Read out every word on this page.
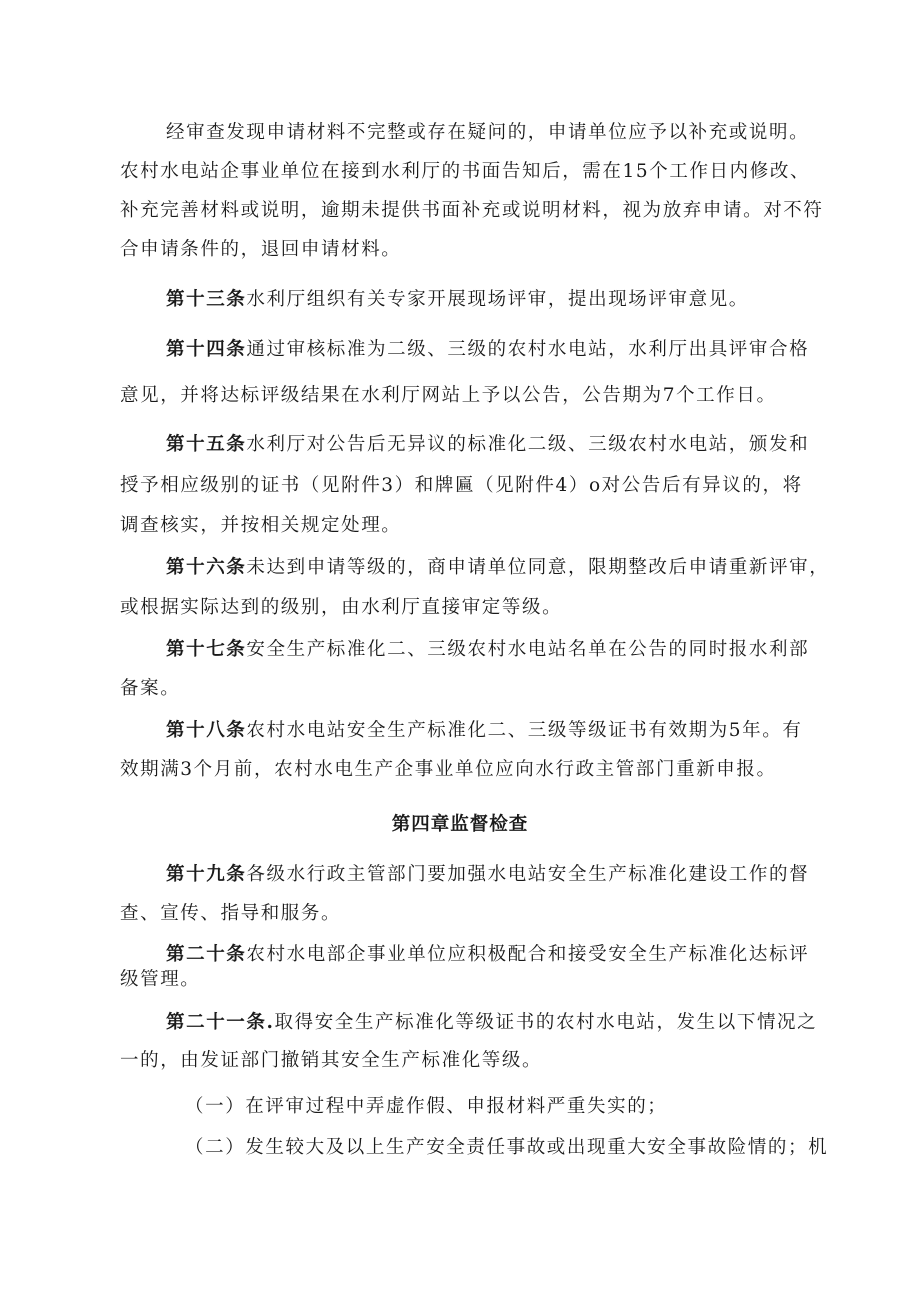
经审查发现申请材料不完整或存在疑问的，申请单位应予以补充或说明。
农村水电站企事业单位在接到水利厅的书面告知后，需在15个工作日内修改、
补充完善材料或说明，逾期未提供书面补充或说明材料，视为放弃申请。对不符
合申请条件的，退回申请材料。
第十三条水利厅组织有关专家开展现场评审，提出现场评审意见。
第十四条通过审核标准为二级、三级的农村水电站，水利厅出具评审合格
意见，并将达标评级结果在水利厅网站上予以公告，公告期为7个工作日。
第十五条水利厅对公告后无异议的标准化二级、三级农村水电站，颁发和
授予相应级别的证书（见附件3）和牌匾（见附件4）o对公告后有异议的，将
调查核实，并按相关规定处理。
第十六条未达到申请等级的，商申请单位同意，限期整改后申请重新评审，
或根据实际达到的级别，由水利厅直接审定等级。
第十七条安全生产标准化二、三级农村水电站名单在公告的同时报水利部
备案。
第十八条农村水电站安全生产标准化二、三级等级证书有效期为5年。有
效期满3个月前，农村水电生产企事业单位应向水行政主管部门重新申报。
第四章监督检查
第十九条各级水行政主管部门要加强水电站安全生产标准化建设工作的督
查、宣传、指导和服务。
第二十条农村水电部企事业单位应积极配合和接受安全生产标准化达标评
级管理。
第二十一条.取得安全生产标准化等级证书的农村水电站，发生以下情况之
一的，由发证部门撤销其安全生产标准化等级。
（一）在评审过程中弄虚作假、申报材料严重失实的；
（二）发生较大及以上生产安全责任事故或出现重大安全事故险情的；机
